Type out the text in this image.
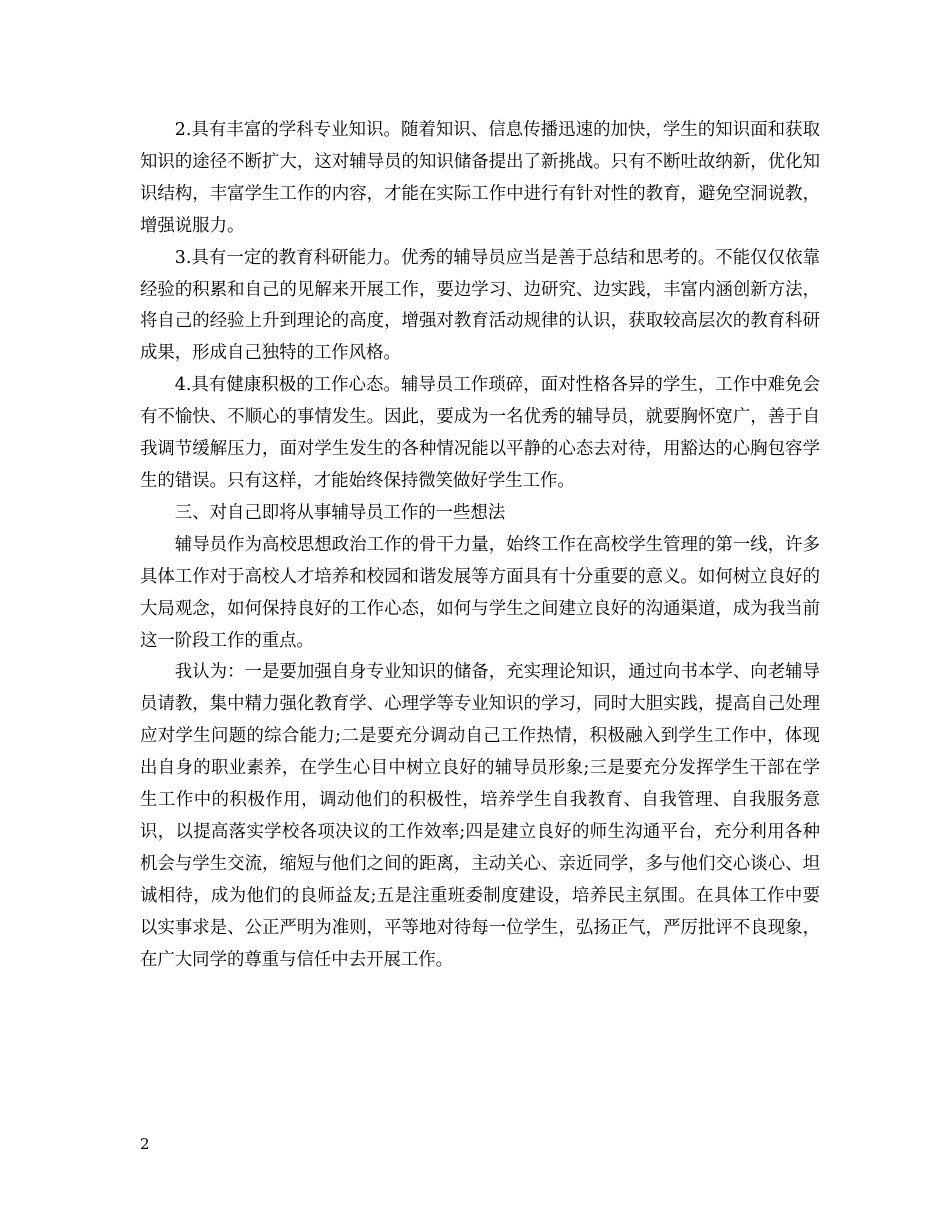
2.具有丰富的学科专业知识。随着知识、信息传播迅速的加快，学生的知识面和获取知识的途径不断扩大，这对辅导员的知识储备提出了新挑战。只有不断吐故纳新，优化知识结构，丰富学生工作的内容，才能在实际工作中进行有针对性的教育，避免空洞说教，增强说服力。

3.具有一定的教育科研能力。优秀的辅导员应当是善于总结和思考的。不能仅仅依靠经验的积累和自己的见解来开展工作，要边学习、边研究、边实践，丰富内涵创新方法，将自己的经验上升到理论的高度，增强对教育活动规律的认识，获取较高层次的教育科研成果，形成自己独特的工作风格。

4.具有健康积极的工作心态。辅导员工作琐碎，面对性格各异的学生，工作中难免会有不愉快、不顺心的事情发生。因此，要成为一名优秀的辅导员，就要胸怀宽广，善于自我调节缓解压力，面对学生发生的各种情况能以平静的心态去对待，用豁达的心胸包容学生的错误。只有这样，才能始终保持微笑做好学生工作。

三、对自己即将从事辅导员工作的一些想法

辅导员作为高校思想政治工作的骨干力量，始终工作在高校学生管理的第一线，许多具体工作对于高校人才培养和校园和谐发展等方面具有十分重要的意义。如何树立良好的大局观念，如何保持良好的工作心态，如何与学生之间建立良好的沟通渠道，成为我当前这一阶段工作的重点。

我认为：一是要加强自身专业知识的储备，充实理论知识，通过向书本学、向老辅导员请教，集中精力强化教育学、心理学等专业知识的学习，同时大胆实践，提高自己处理应对学生问题的综合能力;二是要充分调动自己工作热情，积极融入到学生工作中，体现出自身的职业素养，在学生心目中树立良好的辅导员形象;三是要充分发挥学生干部在学生工作中的积极作用，调动他们的积极性，培养学生自我教育、自我管理、自我服务意识，以提高落实学校各项决议的工作效率;四是建立良好的师生沟通平台，充分利用各种机会与学生交流，缩短与他们之间的距离，主动关心、亲近同学，多与他们交心谈心、坦诚相待，成为他们的良师益友;五是注重班委制度建设，培养民主氛围。在具体工作中要以实事求是、公正严明为准则，平等地对待每一位学生，弘扬正气，严厉批评不良现象，在广大同学的尊重与信任中去开展工作。

2
